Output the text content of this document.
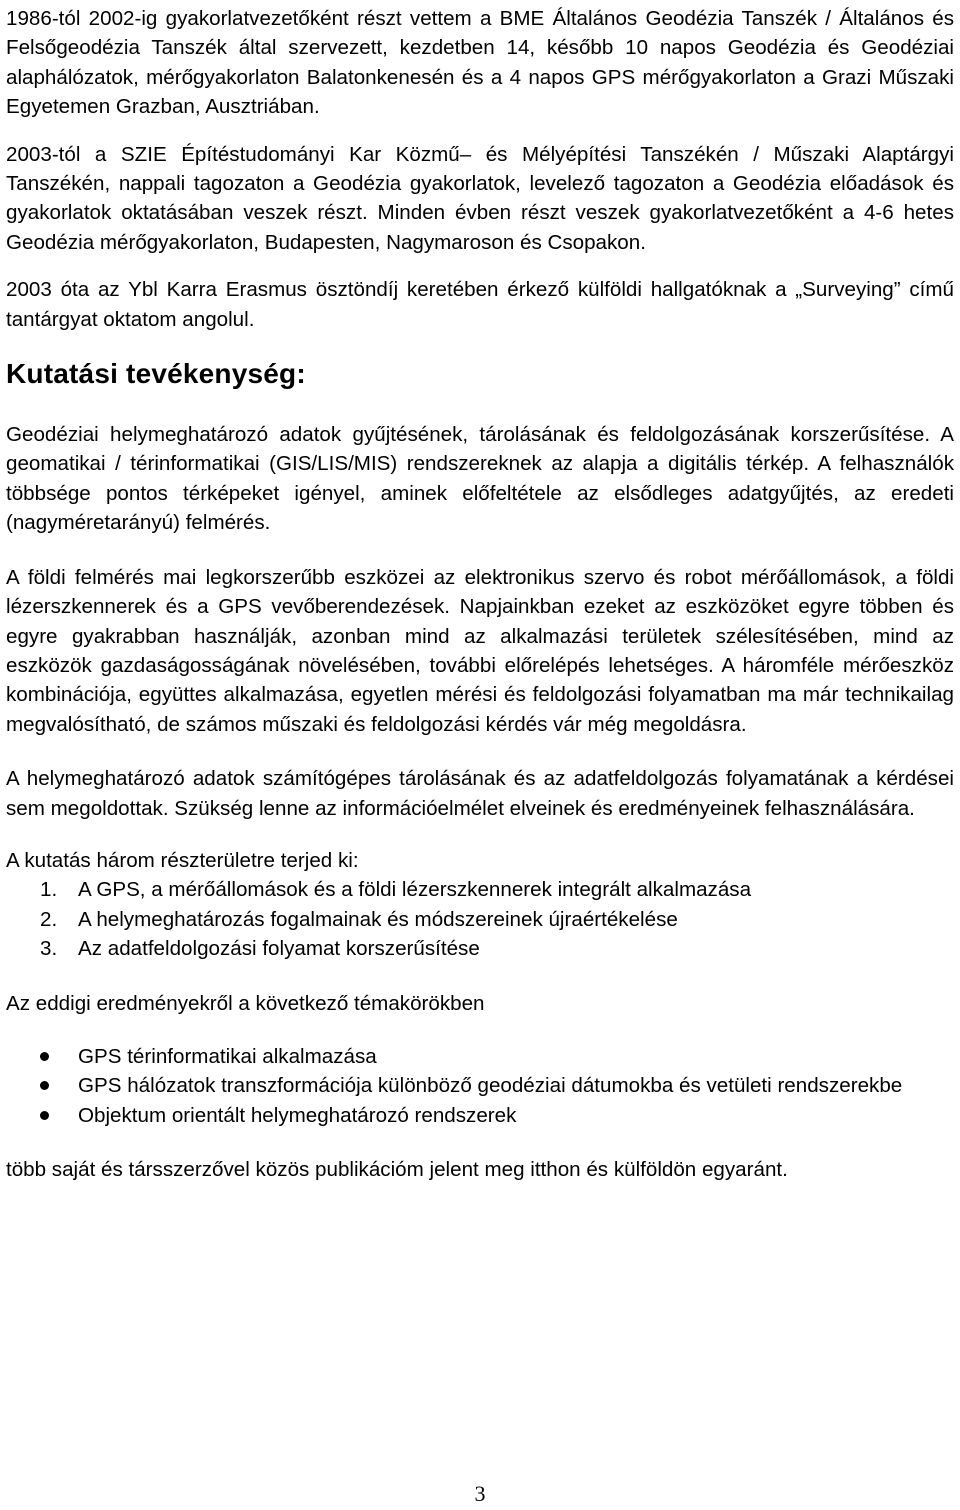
1986-tól 2002-ig gyakorlatvezetőként részt vettem a BME Általános Geodézia Tanszék / Általános és Felsőgeodézia Tanszék által szervezett, kezdetben 14, később 10 napos Geodézia és Geodéziai alaphálózatok, mérőgyakorlaton Balatonkenesén és a 4 napos GPS mérőgyakorlaton a Grazi Műszaki Egyetemen Grazban, Ausztriában.

2003-tól a SZIE Építéstudományi Kar Közmű– és Mélyépítési Tanszékén / Műszaki Alaptárgyi Tanszékén, nappali tagozaton a Geodézia gyakorlatok, levelező tagozaton a Geodézia előadások és gyakorlatok oktatásában veszek részt. Minden évben részt veszek gyakorlatvezetőként a 4-6 hetes Geodézia mérőgyakorlaton, Budapesten, Nagymaroson és Csopakon.

2003 óta az Ybl Karra Erasmus ösztöndíj keretében érkező külföldi hallgatóknak a „Surveying” című tantárgyat oktatom angolul.

Kutatási tevékenység:

Geodéziai helymeghatározó adatok gyűjtésének, tárolásának és feldolgozásának korszerűsítése. A geomatikai / térinformatikai (GIS/LIS/MIS) rendszereknek az alapja a digitális térkép. A felhasználók többsége pontos térképeket igényel, aminek előfeltétele az elsődleges adatgyűjtés, az eredeti (nagyméretarányú) felmérés.

A földi felmérés mai legkorszerűbb eszközei az elektronikus szervo és robot mérőállomások, a földi lézerszkennerek és a GPS vevőberendezések. Napjainkban ezeket az eszközöket egyre többen és egyre gyakrabban használják, azonban mind az alkalmazási területek szélesítésében, mind az eszközök gazdaságosságának növelésében, további előrelépés lehetséges. A háromféle mérőeszköz kombinációja, együttes alkalmazása, egyetlen mérési és feldolgozási folyamatban ma már technikailag megvalósítható, de számos műszaki és feldolgozási kérdés vár még megoldásra.

A helymeghatározó adatok számítógépes tárolásának és az adatfeldolgozás folyamatának a kérdései sem megoldottak. Szükség lenne az információelmélet elveinek és eredményeinek felhasználására.

A kutatás három részterületre terjed ki:

1. A GPS, a mérőállomások és a földi lézerszkennerek integrált alkalmazása
2. A helymeghatározás fogalmainak és módszereinek újraértékelése
3. Az adatfeldolgozási folyamat korszerűsítése

Az eddigi eredményekről a következő témakörökben

GPS térinformatikai alkalmazása
GPS hálózatok transzformációja különböző geodéziai dátumokba és vetületi rendszerekbe
Objektum orientált helymeghatározó rendszerek

több saját és társszerzővel közös publikációm jelent meg itthon és külföldön egyaránt.

3
